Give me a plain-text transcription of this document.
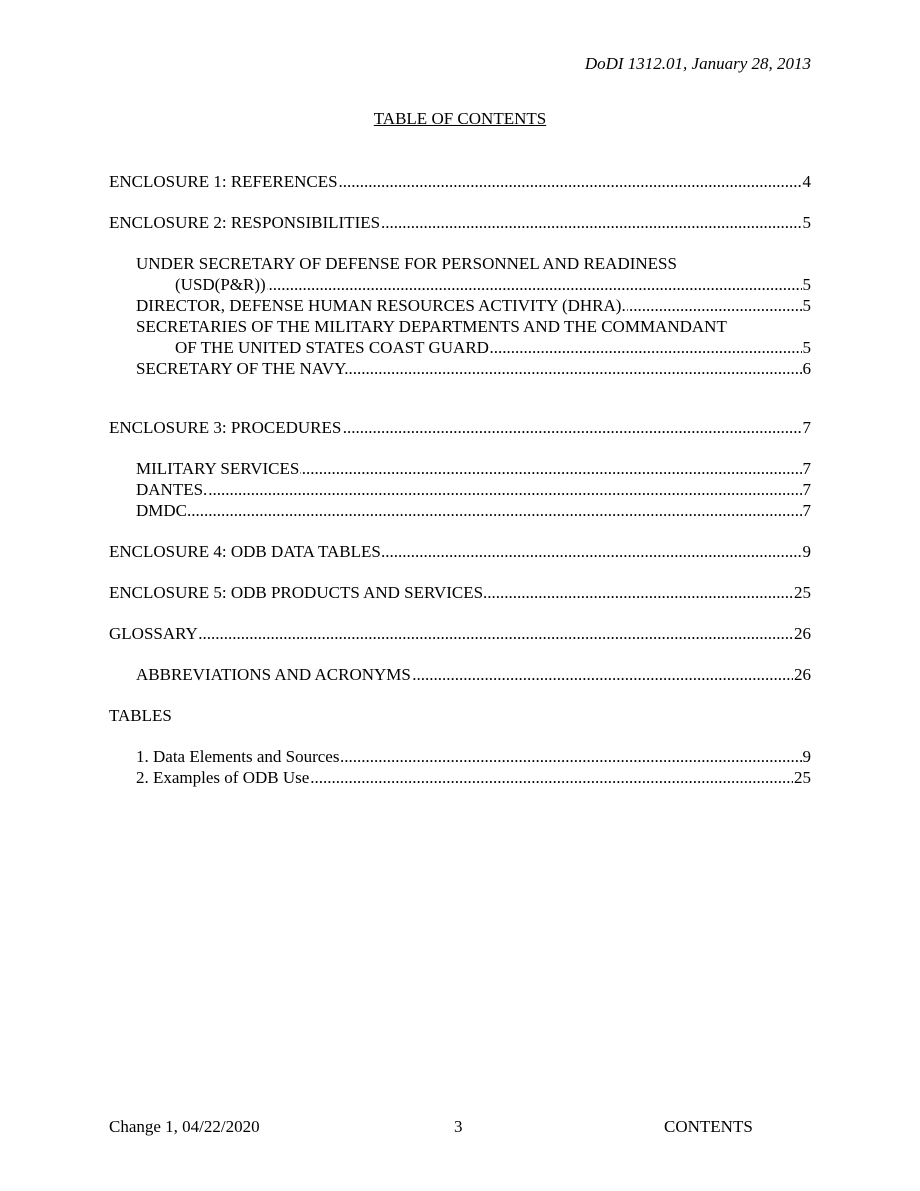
DoDI 1312.01, January 28, 2013
TABLE OF CONTENTS
.....
ENCLOSURE 1: REFERENCES	4
.....
ENCLOSURE 2: RESPONSIBILITIES	5
UNDER SECRETARY OF DEFENSE FOR PERSONNEL AND READINESS
.....
(USD(P&R))	5
.....
DIRECTOR, DEFENSE HUMAN RESOURCES ACTIVITY (DHRA).	5
SECRETARIES OF THE MILITARY DEPARTMENTS AND THE COMMANDANT
.....
OF THE UNITED STATES COAST GUARD	5
.....
SECRETARY OF THE NAVY.	6
.....
ENCLOSURE 3: PROCEDURES	7
.....
MILITARY SERVICES	7
.....
DANTES.	7
.....
DMDC.	7
.....
ENCLOSURE 4: ODB DATA TABLES	9
.....
ENCLOSURE 5: ODB PRODUCTS AND SERVICES	25
.....
GLOSSARY	26
.....
ABBREVIATIONS AND ACRONYMS	26
TABLES
.....
1. Data Elements and Sources	9
.....
2. Examples of ODB Use	25
Change 1, 04/22/2020	3	CONTENTS
